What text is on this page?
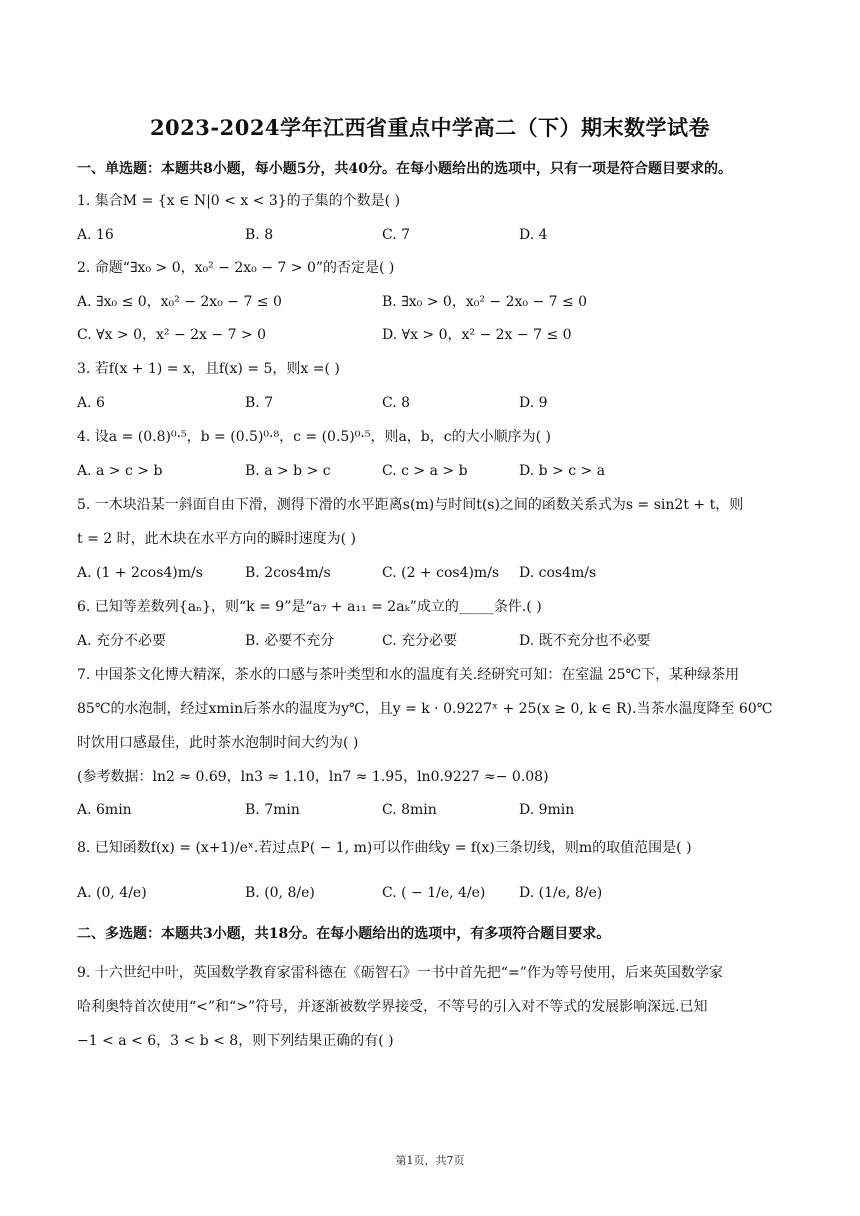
2023-2024学年江西省重点中学高二（下）期末数学试卷
一、单选题：本题共8小题，每小题5分，共40分。在每小题给出的选项中，只有一项是符合题目要求的。
1. 集合M = {x ∈ N|0 < x < 3}的子集的个数是( )
A. 16	B. 8	C. 7	D. 4
2. 命题“∃x₀ > 0，x₀² − 2x₀ − 7 > 0”的否定是( )
A. ∃x₀ ≤ 0，x₀² − 2x₀ − 7 ≤ 0	B. ∃x₀ > 0，x₀² − 2x₀ − 7 ≤ 0
C. ∀x > 0，x² − 2x − 7 > 0	D. ∀x > 0，x² − 2x − 7 ≤ 0
3. 若f(x + 1) = x，且f(x) = 5，则x =( )
A. 6	B. 7	C. 8	D. 9
4. 设a = (0.8)⁰·⁵，b = (0.5)⁰·⁸，c = (0.5)⁰·⁵，则a，b，c的大小顺序为( )
A. a > c > b	B. a > b > c	C. c > a > b	D. b > c > a
5. 一木块沿某一斜面自由下滑，测得下滑的水平距离s(m)与时间t(s)之间的函数关系式为s = sin2t + t，则
t = 2 时，此木块在水平方向的瞬时速度为( )
A. (1 + 2cos4)m/s	B. 2cos4m/s	C. (2 + cos4)m/s D. cos4m/s
6. 已知等差数列{aₙ}，则“k = 9”是“a₇ + a₁₁ = 2aₖ”成立的_____条件.( )
A. 充分不必要	B. 必要不充分	C. 充分必要	D. 既不充分也不必要
7. 中国茶文化博大精深，茶水的口感与茶叶类型和水的温度有关.经研究可知：在室温 25℃下，某种绿茶用
85℃的水泡制，经过xmin后茶水的温度为y℃，且y = k · 0.9227ˣ + 25(x ≥ 0, k ∈ R).当茶水温度降至 60℃
时饮用口感最佳，此时茶水泡制时间大约为( )
(参考数据：ln2 ≈ 0.69，ln3 ≈ 1.10，ln7 ≈ 1.95，ln0.9227 ≈− 0.08)
A. 6min	B. 7min	C. 8min	D. 9min
8. 已知函数f(x) = (x+1)/eˣ.若过点P( − 1, m)可以作曲线y = f(x)三条切线，则m的取值范围是( )
A. (0, 4/e)	B. (0, 8/e)	C. ( − 1/e, 4/e) D. (1/e, 8/e)
二、多选题：本题共3小题，共18分。在每小题给出的选项中，有多项符合题目要求。
9. 十六世纪中叶，英国数学教育家雷科德在《砺智石》一书中首先把“=”作为等号使用，后来英国数学家
哈利奥特首次使用“<”和“>”符号，并逐渐被数学界接受，不等号的引入对不等式的发展影响深远.已知
−1 < a < 6，3 < b < 8，则下列结果正确的有( )
第1页，共7页
